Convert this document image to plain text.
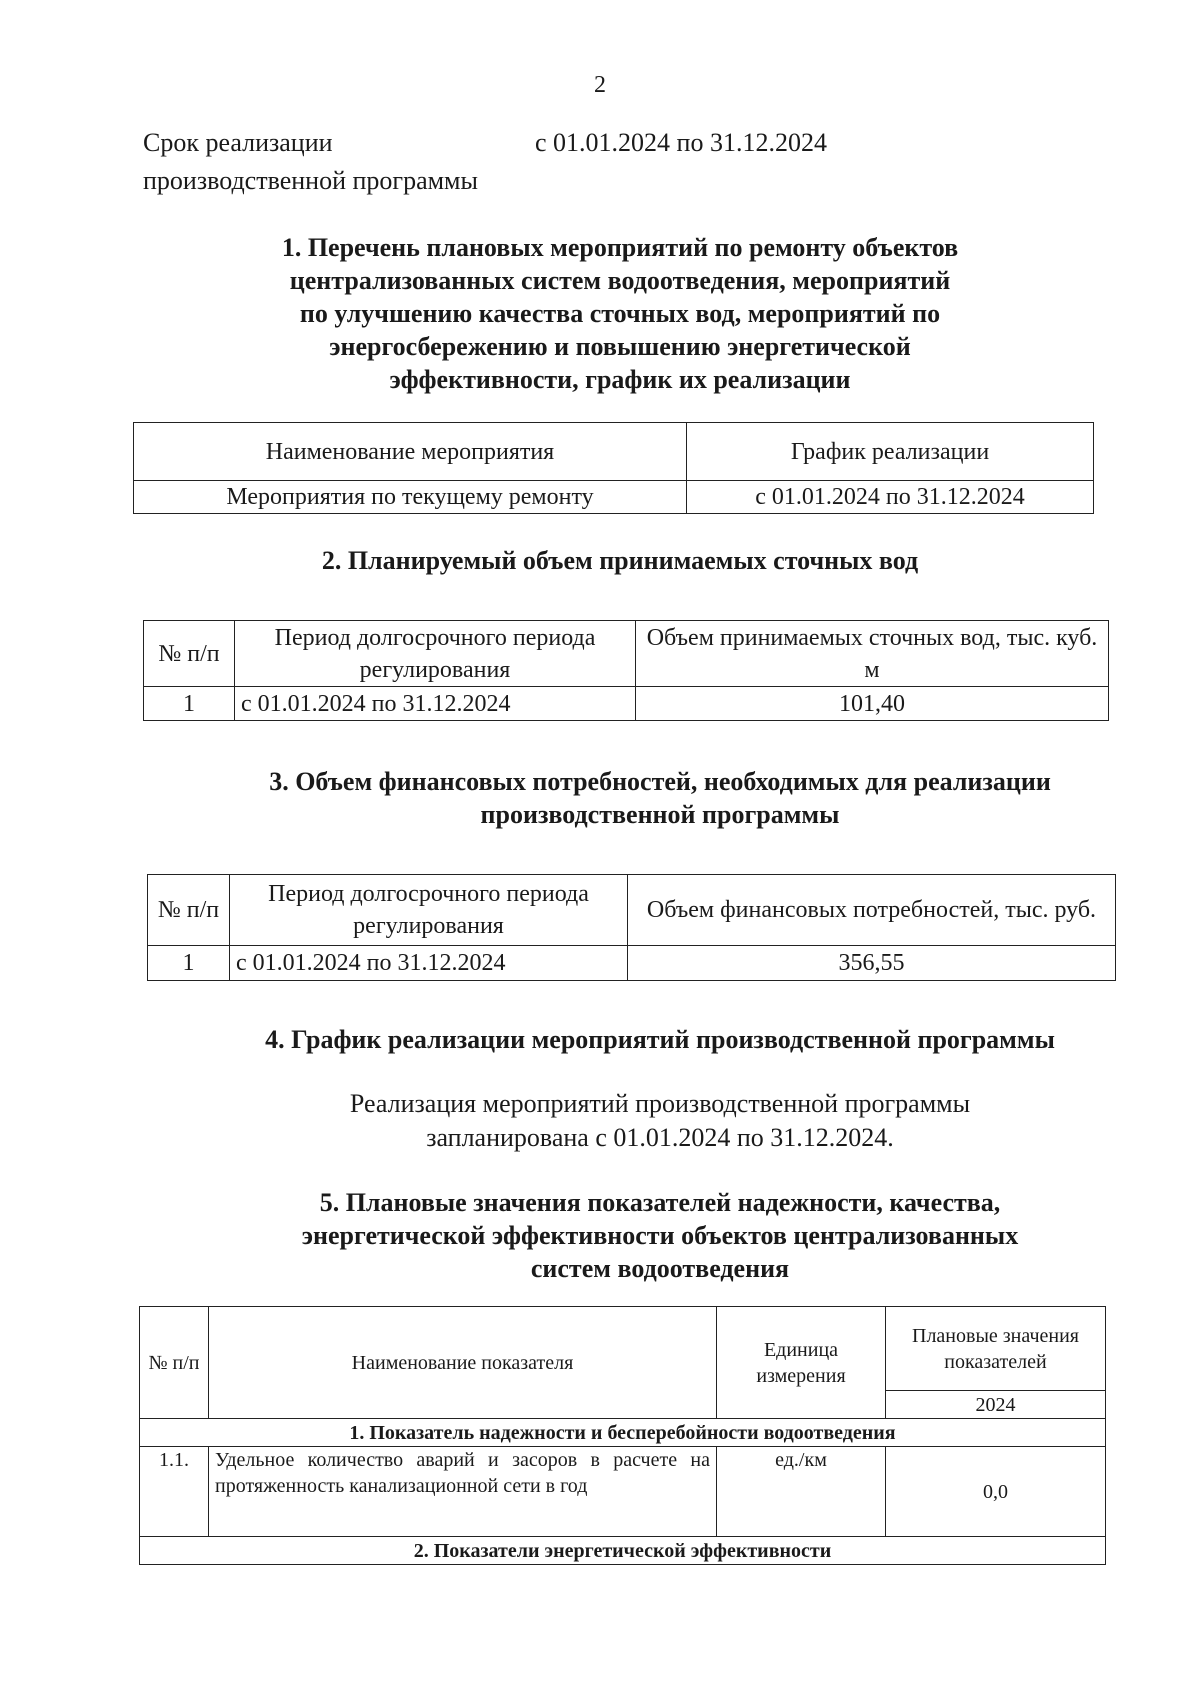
2
Срок реализации
производственной программы
с 01.01.2024 по 31.12.2024
1. Перечень плановых мероприятий по ремонту объектов
централизованных систем водоотведения, мероприятий
по улучшению качества сточных вод, мероприятий по
энергосбережению и повышению энергетической
эффективности, график их реализации
Наименование мероприятия	График реализации
Мероприятия по текущему ремонту	с 01.01.2024 по 31.12.2024
2. Планируемый объем принимаемых сточных вод
№ п/п	Период долгосрочного периода регулирования	Объем принимаемых сточных вод, тыс. куб. м
1	с 01.01.2024 по 31.12.2024	101,40
3. Объем финансовых потребностей, необходимых для реализации
производственной программы
№ п/п	Период долгосрочного периода регулирования	Объем финансовых потребностей, тыс. руб.
1	с 01.01.2024 по 31.12.2024	356,55
4. График реализации мероприятий производственной программы
Реализация мероприятий производственной программы
запланирована с 01.01.2024 по 31.12.2024.
5. Плановые значения показателей надежности, качества,
энергетической эффективности объектов централизованных
систем водоотведения
№ п/п	Наименование показателя	Единица измерения	Плановые значения показателей
			2024
1. Показатель надежности и бесперебойности водоотведения			
1.1.	Удельное количество аварий и засоров в расчете на протяженность канализационной сети в год	ед./км	0,0
2. Показатели энергетической эффективности			
